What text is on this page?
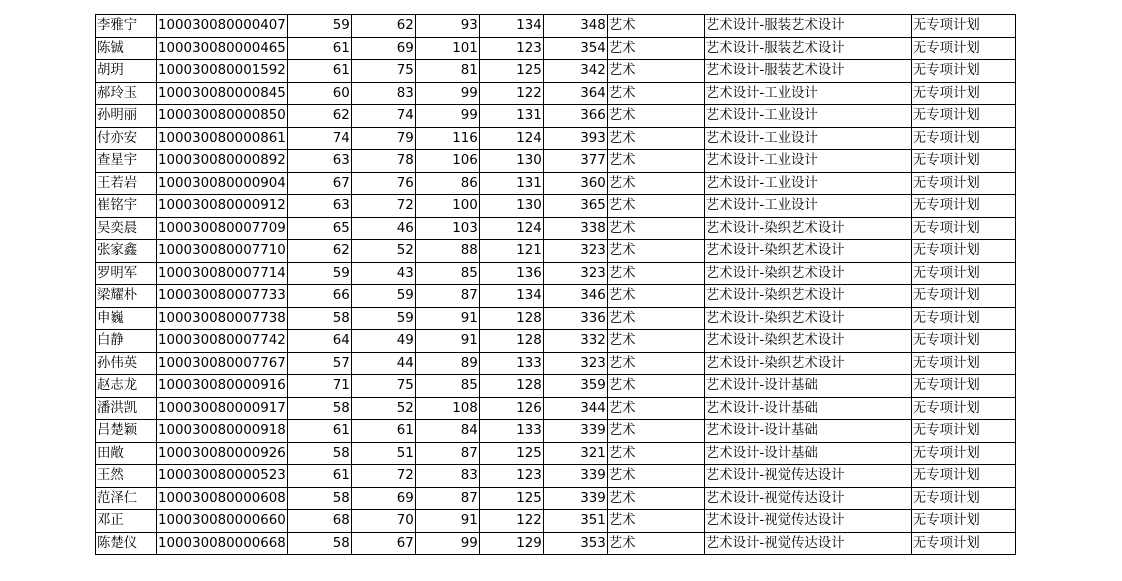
李雅宁	100030080000407	59	62	93	134	348	艺术	艺术设计-服装艺术设计	无专项计划
陈铖	100030080000465	61	69	101	123	354	艺术	艺术设计-服装艺术设计	无专项计划
胡玥	100030080001592	61	75	81	125	342	艺术	艺术设计-服装艺术设计	无专项计划
郝玲玉	100030080000845	60	83	99	122	364	艺术	艺术设计-工业设计	无专项计划
孙明丽	100030080000850	62	74	99	131	366	艺术	艺术设计-工业设计	无专项计划
付亦安	100030080000861	74	79	116	124	393	艺术	艺术设计-工业设计	无专项计划
查星宇	100030080000892	63	78	106	130	377	艺术	艺术设计-工业设计	无专项计划
王若岩	100030080000904	67	76	86	131	360	艺术	艺术设计-工业设计	无专项计划
崔铭宇	100030080000912	63	72	100	130	365	艺术	艺术设计-工业设计	无专项计划
吴奕晨	100030080007709	65	46	103	124	338	艺术	艺术设计-染织艺术设计	无专项计划
张家鑫	100030080007710	62	52	88	121	323	艺术	艺术设计-染织艺术设计	无专项计划
罗明军	100030080007714	59	43	85	136	323	艺术	艺术设计-染织艺术设计	无专项计划
梁耀朴	100030080007733	66	59	87	134	346	艺术	艺术设计-染织艺术设计	无专项计划
申巍	100030080007738	58	59	91	128	336	艺术	艺术设计-染织艺术设计	无专项计划
白静	100030080007742	64	49	91	128	332	艺术	艺术设计-染织艺术设计	无专项计划
孙伟英	100030080007767	57	44	89	133	323	艺术	艺术设计-染织艺术设计	无专项计划
赵志龙	100030080000916	71	75	85	128	359	艺术	艺术设计-设计基础	无专项计划
潘洪凯	100030080000917	58	52	108	126	344	艺术	艺术设计-设计基础	无专项计划
吕楚颖	100030080000918	61	61	84	133	339	艺术	艺术设计-设计基础	无专项计划
田敞	100030080000926	58	51	87	125	321	艺术	艺术设计-设计基础	无专项计划
王然	100030080000523	61	72	83	123	339	艺术	艺术设计-视觉传达设计	无专项计划
范泽仁	100030080000608	58	69	87	125	339	艺术	艺术设计-视觉传达设计	无专项计划
邓正	100030080000660	68	70	91	122	351	艺术	艺术设计-视觉传达设计	无专项计划
陈楚仪	100030080000668	58	67	99	129	353	艺术	艺术设计-视觉传达设计	无专项计划
